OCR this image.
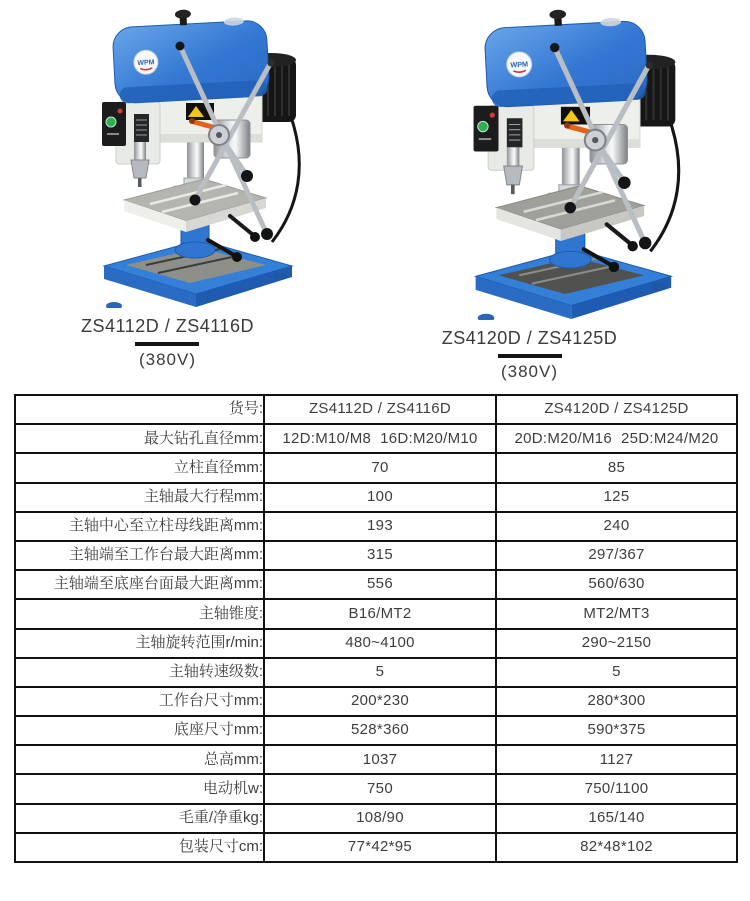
ZS4112D / ZS4116D
(380V)
ZS4120D / ZS4125D
(380V)
货号:	ZS4112D / ZS4116D	ZS4120D / ZS4125D
最大钻孔直径mm:	12D:M10/M8  16D:M20/M10	20D:M20/M16  25D:M24/M20
立柱直径mm:	70	85
主轴最大行程mm:	100	125
主轴中心至立柱母线距离mm:	193	240
主轴端至工作台最大距离mm:	315	297/367
主轴端至底座台面最大距离mm:	556	560/630
主轴锥度:	B16/MT2	MT2/MT3
主轴旋转范围r/min:	480~4100	290~2150
主轴转速级数:	5	5
工作台尺寸mm:	200*230	280*300
底座尺寸mm:	528*360	590*375
总高mm:	1037	1127
电动机w:	750	750/1100
毛重/净重kg:	108/90	165/140
包装尺寸cm:	77*42*95	82*48*102
